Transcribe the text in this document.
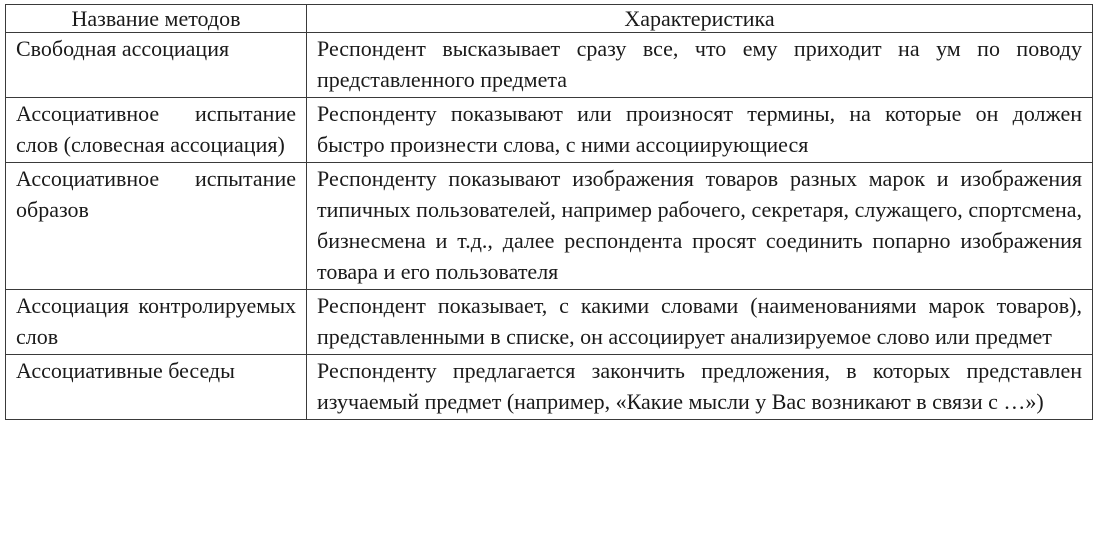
Название методов	Характеристика
Свободная ассоциация	Респондент высказывает сразу все, что ему приходит на ум по поводу представленного предмета
Ассоциативное испытание слов (словесная ассоциация)	Респонденту показывают или произносят термины, на которые он должен быстро произнести слова, с ними ассоциирующиеся
Ассоциативное испытание образов	Респонденту показывают изображения товаров разных марок и изображения типичных пользователей, например рабочего, секретаря, служащего, спортсмена, бизнесмена и т.д., далее респондента просят соединить попарно изображения товара и его пользователя
Ассоциация контролируемых слов	Респондент показывает, с какими словами (наименованиями марок товаров), представленными в списке, он ассоциирует анализируемое слово или предмет
Ассоциативные беседы	Респонденту предлагается закончить предложения, в которых представлен изучаемый предмет (например, «Какие мысли у Вас возникают в связи с …»)
